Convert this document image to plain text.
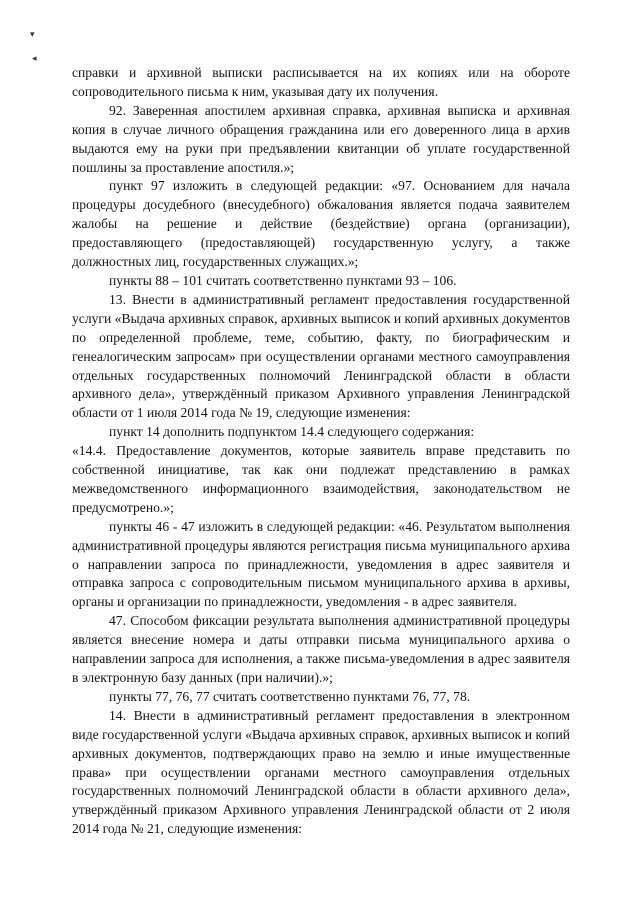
▾
◂

справки и архивной выписки расписывается на их копиях или на обороте сопроводительного письма к ним, указывая дату их получения.

92. Заверенная апостилем архивная справка, архивная выписка и архивная копия в случае личного обращения гражданина или его доверенного лица в архив выдаются ему на руки при предъявлении квитанции об уплате государственной пошлины за проставление апостиля.»;

пункт 97 изложить в следующей редакции: «97. Основанием для начала процедуры досудебного (внесудебного) обжалования является подача заявителем жалобы на решение и действие (бездействие) органа (организации), предоставляющего (предоставляющей) государственную услугу, а также должностных лиц, государственных служащих.»;

пункты 88 – 101 считать соответственно пунктами 93 – 106.

13. Внести в административный регламент предоставления государственной услуги «Выдача архивных справок, архивных выписок и копий архивных документов по определенной проблеме, теме, событию, факту, по биографическим и генеалогическим запросам» при осуществлении органами местного самоуправления отдельных государственных полномочий Ленинградской области в области архивного дела», утверждённый приказом Архивного управления Ленинградской области от 1 июля 2014 года № 19, следующие изменения:

пункт 14 дополнить подпунктом 14.4 следующего содержания:

«14.4. Предоставление документов, которые заявитель вправе представить по собственной инициативе, так как они подлежат представлению в рамках межведомственного информационного взаимодействия, законодательством не предусмотрено.»;

пункты 46 - 47 изложить в следующей редакции: «46. Результатом выполнения административной процедуры являются регистрация письма муниципального архива о направлении запроса по принадлежности, уведомления в адрес заявителя и отправка запроса с сопроводительным письмом муниципального архива в архивы, органы и организации по принадлежности, уведомления - в адрес заявителя.

47. Способом фиксации результата выполнения административной процедуры является внесение номера и даты отправки письма муниципального архива о направлении запроса для исполнения, а также письма-уведомления в адрес заявителя в электронную базу данных (при наличии).»;

пункты 77, 76, 77 считать соответственно пунктами 76, 77, 78.

14. Внести в административный регламент предоставления в электронном виде государственной услуги «Выдача архивных справок, архивных выписок и копий архивных документов, подтверждающих право на землю и иные имущественные права» при осуществлении органами местного самоуправления отдельных государственных полномочий Ленинградской области в области архивного дела», утверждённый приказом Архивного управления Ленинградской области от 2 июля 2014 года № 21, следующие изменения:
